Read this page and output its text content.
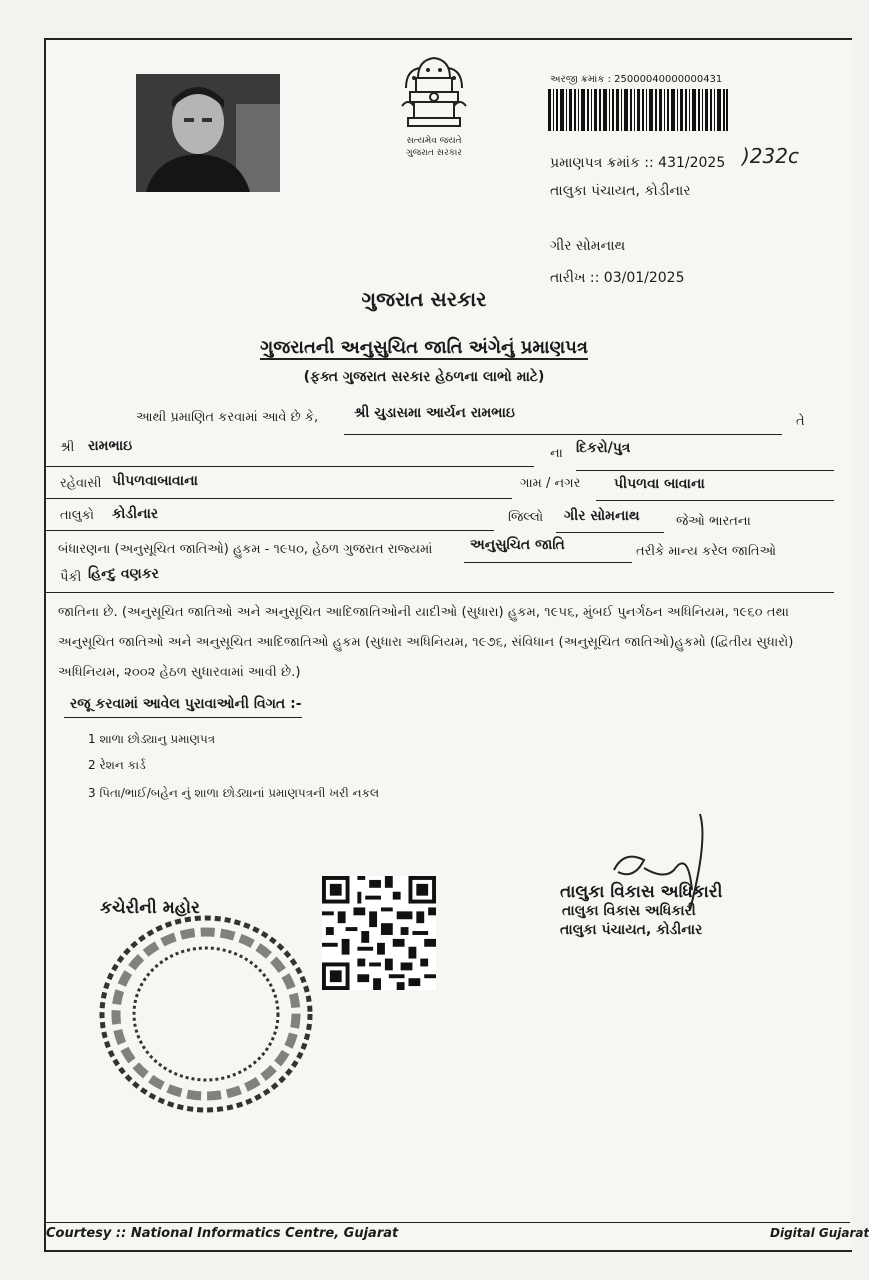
સત્યમેવ જયતે
ગુજરાત સરકાર
અરજી ક્રમાંક : 25000040000000431
પ્રમાણપત્ર ક્રમાંક :: 431/2025 )232ᴄ
તાલુકા પંચાયત, કોડીનાર
ગીર સોમનાથ
તારીખ :: 03/01/2025
ગુજરાત સરકાર
ગુજરાતની અનુસુચિત જાતિ અંગેનું પ્રમાણપત્ર
(ફક્ત ગુજરાત સરકાર હેઠળના લાભો માટે)
આથી પ્રમાણિત કરવામાં આવે છે કે,	શ્રી ચુડાસમા આર્યન રામભાઇ
તે
શ્રી રામભાઇ	ના દિકરો/પુત્ર
રહેવાસી પીપળવાબાવાના	ગામ / નગર પીપળવા બાવાના
તાલુકો કોડીનાર	જિલ્લો ગીર સોમનાથ	જેઓ ભારતના
બંધારણના (અનુસૂચિત જાતિઓ) હુકમ - ૧૯૫૦, હેઠળ ગુજરાત રાજ્યમાં	અનુસુચિત જાતિ	તરીકે માન્ય કરેલ જાતિઓ
પૈકી હિન્દુ વણકર
જાતિના છે. (અનુસૂચિત જાતિઓ અને અનુસૂચિત આદિજાતિઓની યાદીઓ (સુધારા) હુકમ, ૧૯૫૬, મુંબઈ પુનર્ગઠન અધિનિયમ, ૧૯૬૦ તથા
અનુસૂચિત જાતિઓ અને અનુસૂચિત આદિજાતિઓ હુકમ (સુધારા અધિનિયમ, ૧૯૭૬, સંવિધાન (અનુસૂચિત જાતિઓ)હુકમો (દ્વિતીય સુધારો)
અધિનિયમ, ૨૦૦૨ હેઠળ સુધારવામાં આવી છે.)
રજૂ કરવામાં આવેલ પુરાવાઓની વિગત :-
1 શાળા છોડ્યાનુ પ્રમાણપત્ર
2 રેશન કાર્ડ
3 પિતા/ભાઈ/બહેન નું શાળા છોડ્યાનાં પ્રમાણપત્રની ખરી નકલ
કચેરીની મહોર
તાલુકા વિકાસ અધિકારી
તાલુકા વિકાસ અધિકારી
તાલુકા પંચાયત, કોડીનાર
Courtesy :: National Informatics Centre, Gujarat	Digital Gujarat
